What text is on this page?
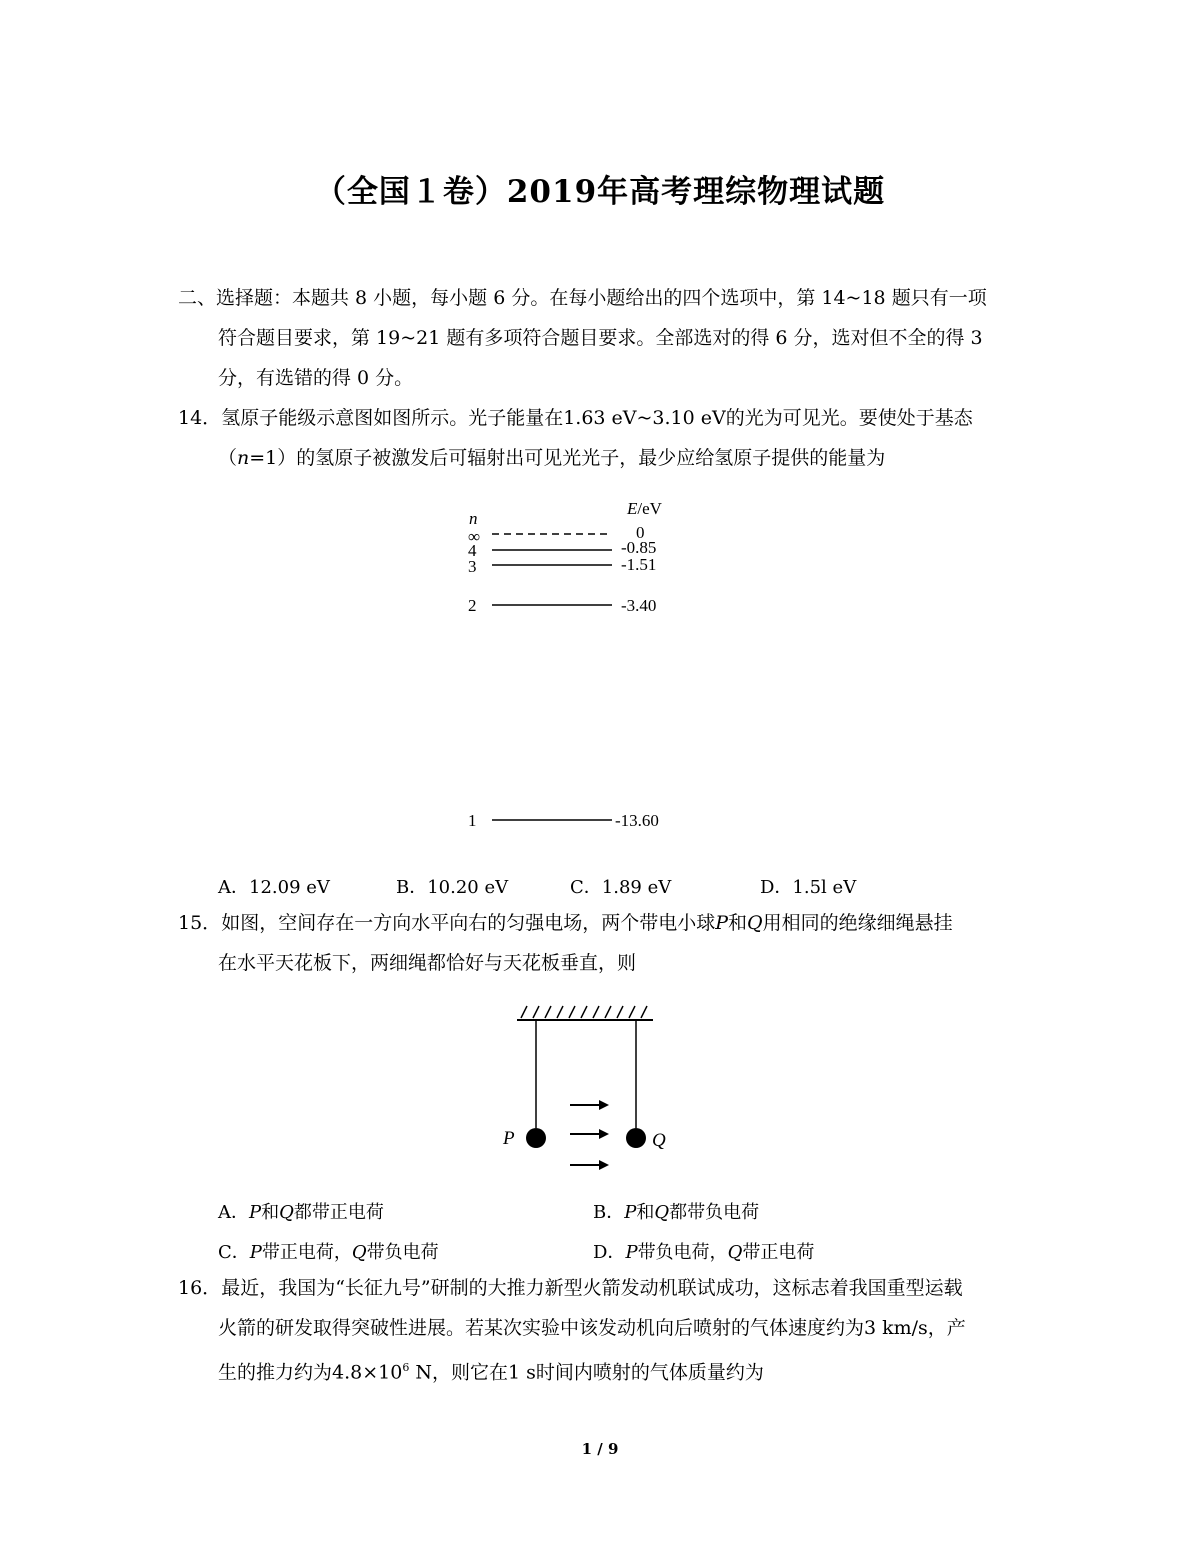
（全国１卷）2019年高考理综物理试题
二、选择题：本题共 8 小题，每小题 6 分。在每小题给出的四个选项中，第 14~18 题只有一项
符合题目要求，第 19~21 题有多项符合题目要求。全部选对的得 6 分，选对但不全的得 3
分，有选错的得 0 分。
14．氢原子能级示意图如图所示。光子能量在1.63 eV~3.10 eV的光为可见光。要使处于基态
（n=1）的氢原子被激发后可辐射出可见光光子，最少应给氢原子提供的能量为
n
E/eV
∞	0
4	-0.85
3	-1.51
2	-3.40
1	-13.60
A．12.09 eV	B．10.20 eV	C．1.89 eV	D．1.5l eV
15．如图，空间存在一方向水平向右的匀强电场，两个带电小球P和Q用相同的绝缘细绳悬挂
在水平天花板下，两细绳都恰好与天花板垂直，则
P	Q
A．P和Q都带正电荷	B．P和Q都带负电荷
C．P带正电荷，Q带负电荷	D．P带负电荷，Q带正电荷
16．最近，我国为“长征九号”研制的大推力新型火箭发动机联试成功，这标志着我国重型运载
火箭的研发取得突破性进展。若某次实验中该发动机向后喷射的气体速度约为3 km/s，产
生的推力约为$4.8\times 10^6$ N，则它在1 s时间内喷射的气体质量约为
1 / 9
